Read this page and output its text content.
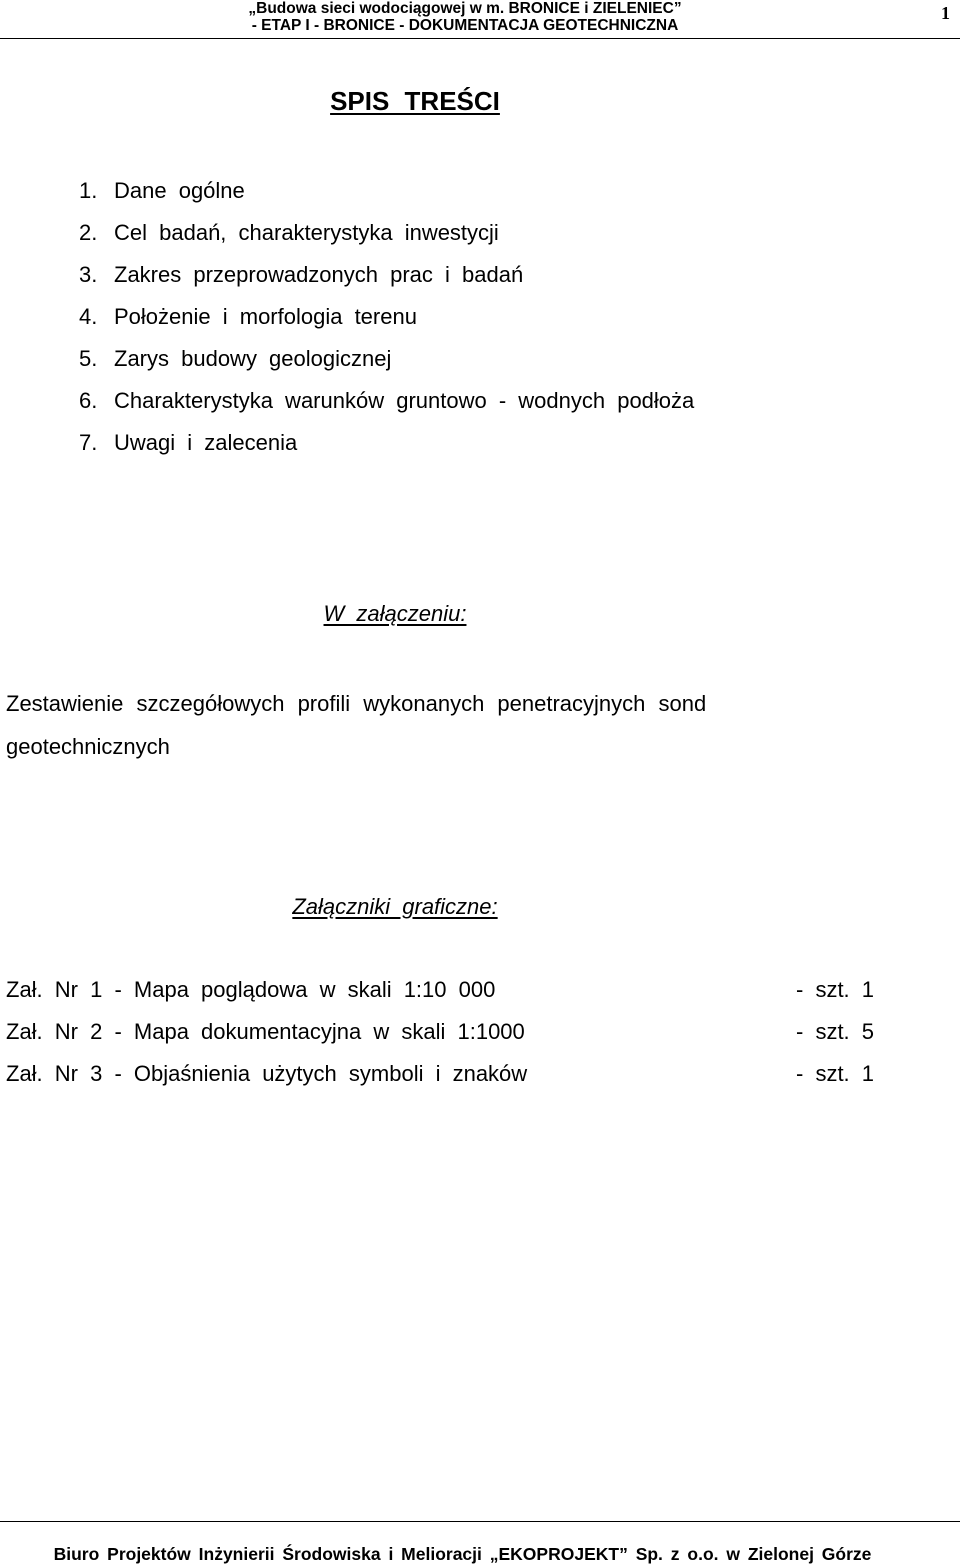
„Budowa sieci wodociągowej w m. BRONICE i ZIELENIEC”
- ETAP I - BRONICE - DOKUMENTACJA GEOTECHNICZNA
1
SPIS TREŚCI
1. Dane ogólne
2. Cel badań, charakterystyka inwestycji
3. Zakres przeprowadzonych prac i badań
4. Położenie i morfologia terenu
5. Zarys budowy geologicznej
6. Charakterystyka warunków gruntowo - wodnych podłoża
7. Uwagi i zalecenia
W załączeniu:
Zestawienie szczegółowych profili wykonanych penetracyjnych sond geotechnicznych
Załączniki graficzne:
Zał. Nr 1 - Mapa poglądowa w skali 1:10 000	- szt. 1
Zał. Nr 2 - Mapa dokumentacyjna w skali 1:1000	- szt. 5
Zał. Nr 3 - Objaśnienia użytych symboli i znaków	- szt. 1
Biuro Projektów Inżynierii Środowiska i Melioracji „EKOPROJEKT” Sp. z o.o. w Zielonej Górze
